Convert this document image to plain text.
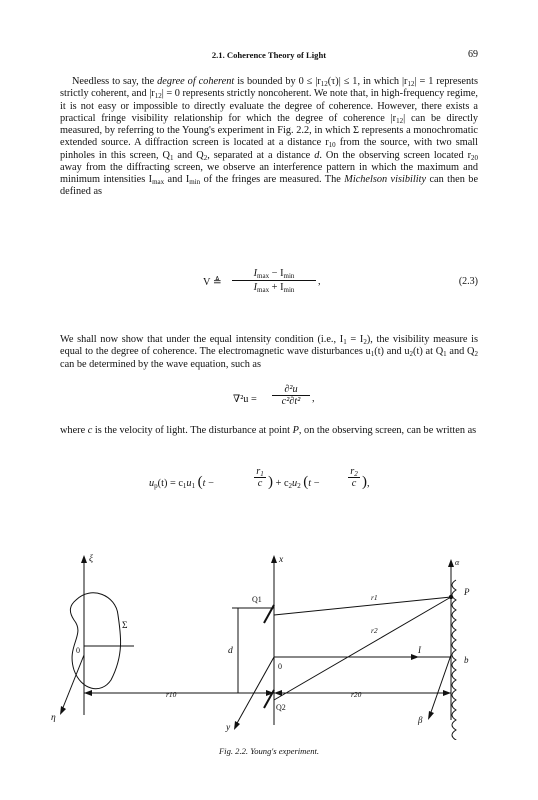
2.1. Coherence Theory of Light	69

Needless to say, the degree of coherent is bounded by $0 \le |r_{12}(\tau)| \le 1$, in which $|r_{12}| = 1$ represents strictly coherent, and $|r_{12}| = 0$ represents strictly noncoherent. We note that, in high-frequency regime, it is not easy or impossible to directly evaluate the degree of coherence. However, there exists a practical fringe visibility relationship for which the degree of coherence $|r_{12}|$ can be directly measured, by referring to the Young's experiment in Fig. 2.2, in which Σ represents a monochromatic extended source. A diffraction screen is located at a distance $r_{10}$ from the source, with two small pinholes in this screen, $Q_1$ and $Q_2$, separated at a distance d. On the observing screen located $r_{20}$ away from the diffracting screen, we observe an interference pattern in which the maximum and minimum intensities $I_{max}$ and $I_{min}$ of the fringes are measured. The Michelson visibility can then be defined as

V ≜
$I_{max} - I_{min}$
$I_{max} + I_{min}$
,	(2.3)

We shall now show that under the equal intensity condition (i.e., $I_1 = I_2$), the visibility measure is equal to the degree of coherence. The electromagnetic wave disturbances $u_1(t)$ and $u_2(t)$ at $Q_1$ and $Q_2$ can be determined by the wave equation, such as

∇²u =
∂²u
c²∂t²	,

where c is the velocity of light. The disturbance at point P, on the observing screen, can be written as

$u_p(t) = c_1u_1$ (t −
$r_1$
c ) + $c_2u_2$ (t −
$r_2$
c ),
ξ
Σ
0
η
x
Q1
Q2
d
0
y
r10	r20
r1
r2
α
P
b
I
β
Fig. 2.2. Young's experiment.
